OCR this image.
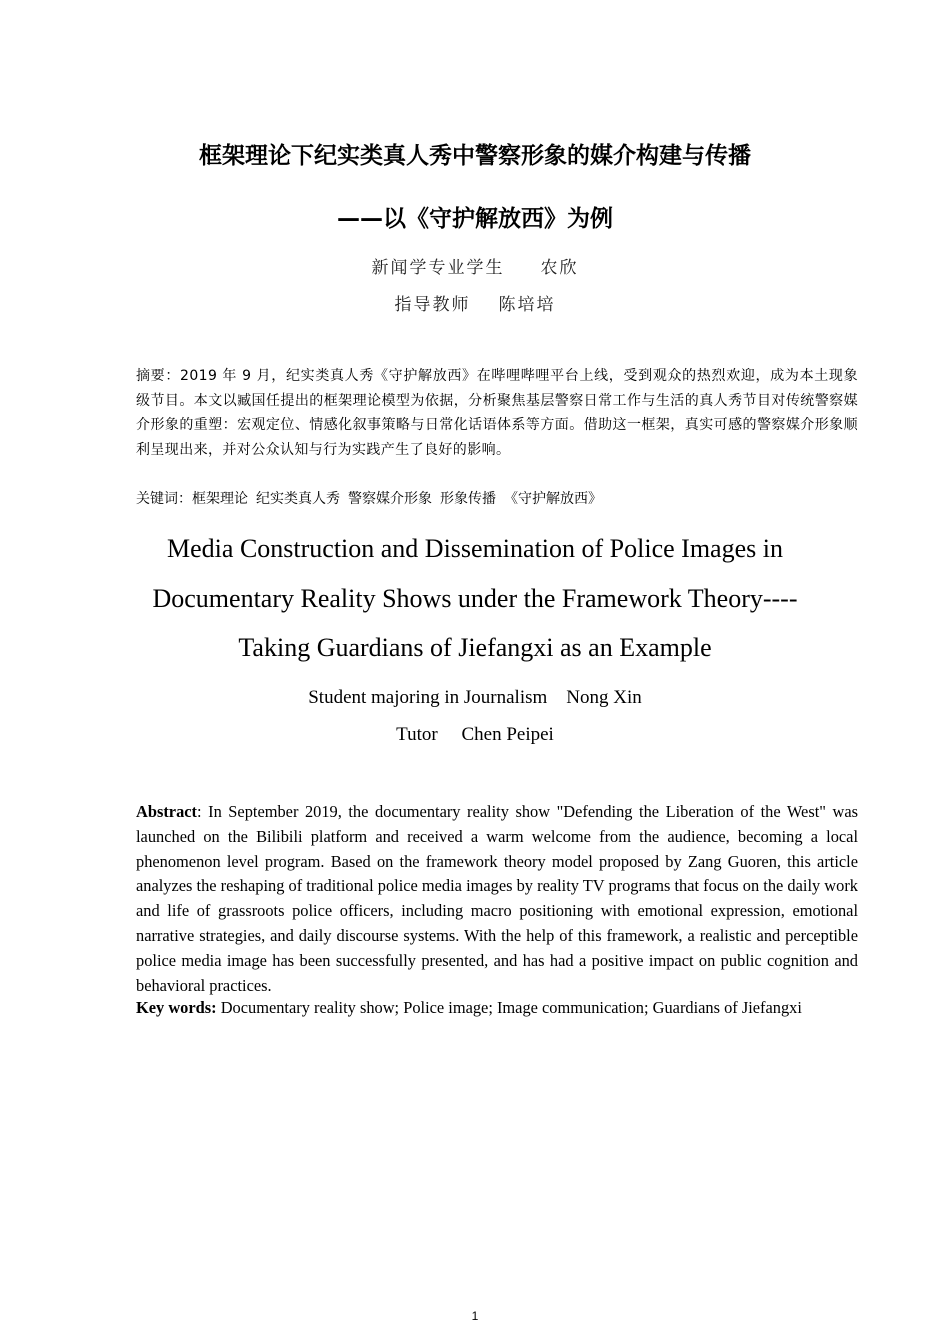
框架理论下纪实类真人秀中警察形象的媒介构建与传播
——以《守护解放西》为例
新闻学专业学生 农欣
指导教师 陈培培
摘要：2019 年 9 月，纪实类真人秀《守护解放西》在哔哩哔哩平台上线，受到观众的热烈欢迎，成为本土现象级节目。本文以臧国任提出的框架理论模型为依据，分析聚焦基层警察日常工作与生活的真人秀节目对传统警察媒介形象的重塑：宏观定位、情感化叙事策略与日常化话语体系等方面。借助这一框架，真实可感的警察媒介形象顺利呈现出来，并对公众认知与行为实践产生了良好的影响。
关键词：框架理论 纪实类真人秀 警察媒介形象 形象传播 《守护解放西》
Media Construction and Dissemination of Police Images in
Documentary Reality Shows under the Framework Theory----
Taking Guardians of Jiefangxi as an Example
Student majoring in Journalism Nong Xin
Tutor Chen Peipei
Abstract: In September 2019, the documentary reality show "Defending the Liberation of the West" was launched on the Bilibili platform and received a warm welcome from the audience, becoming a local phenomenon level program. Based on the framework theory model proposed by Zang Guoren, this article analyzes the reshaping of traditional police media images by reality TV programs that focus on the daily work and life of grassroots police officers, including macro positioning with emotional expression, emotional narrative strategies, and daily discourse systems. With the help of this framework, a realistic and perceptible police media image has been successfully presented, and has had a positive impact on public cognition and behavioral practices.
Key words: Documentary reality show; Police image; Image communication; Guardians of Jiefangxi
1
